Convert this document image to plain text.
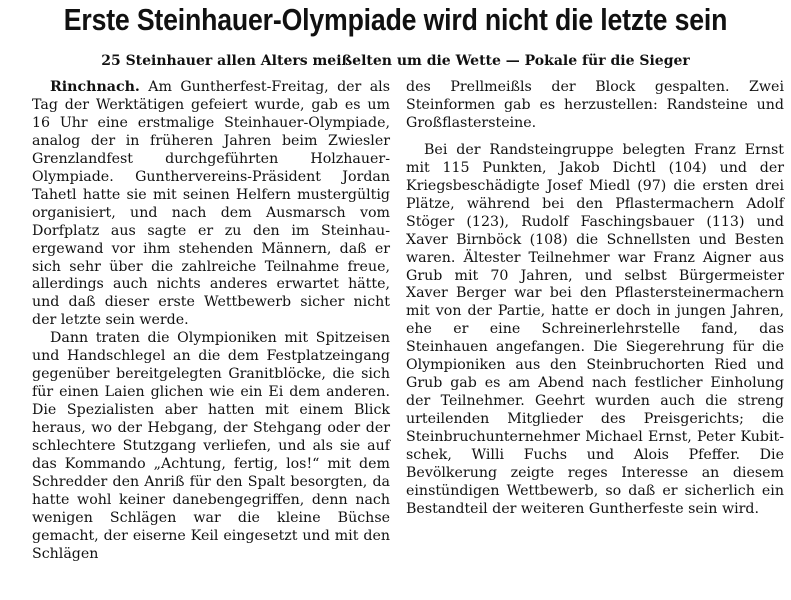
Erste Steinhauer-Olympiade wird nicht die letzte sein
25 Steinhauer allen Alters meißelten um die Wette — Pokale für die Sieger

Rinchnach. Am Guntherfest-Freitag, der als Tag der Werktätigen gefeiert wurde, gab es um 16 Uhr eine erstmalige Steinhauer-Olympiade, analog der in früheren Jahren beim Zwiesler Grenzlandfest durchgeführten Holzhauer-Olympiade. Gunthervereins-Präsident Jordan Tahetl hatte sie mit seinen Helfern mustergültig organisiert, und nach dem Ausmarsch vom Dorfplatz aus sagte er zu den im Steinhauergewand vor ihm stehenden Männern, daß er sich sehr über die zahlreiche Teilnahme freue, allerdings auch nichts anderes erwartet hätte, und daß dieser erste Wettbewerb sicher nicht der letzte sein werde.

Dann traten die Olympioniken mit Spitzeisen und Handschlegel an die dem Festplatzeingang gegenüber bereitgelegten Granitblöcke, die sich für einen Laien glichen wie ein Ei dem anderen. Die Spezialisten aber hatten mit einem Blick heraus, wo der Hebgang, der Stehgang oder der schlechtere Stutzgang verliefen, und als sie auf das Kommando „Achtung, fertig, los!“ mit dem Schredder den Anriß für den Spalt besorgten, da hatte wohl keiner danebengegriffen, denn nach wenigen Schlägen war die kleine Büchse gemacht, der eiserne Keil eingesetzt und mit den Schlägen

des Prellmeißls der Block gespalten. Zwei Steinformen gab es herzustellen: Randsteine und Großflastersteine.

Bei der Randsteingruppe belegten Franz Ernst mit 115 Punkten, Jakob Dichtl (104) und der Kriegsbeschädigte Josef Miedl (97) die ersten drei Plätze, während bei den Pflastermachern Adolf Stöger (123), Rudolf Faschingsbauer (113) und Xaver Birnböck (108) die Schnellsten und Besten waren. Ältester Teilnehmer war Franz Aigner aus Grub mit 70 Jahren, und selbst Bürgermeister Xaver Berger war bei den Pflastersteinermachern mit von der Partie, hatte er doch in jungen Jahren, ehe er eine Schreinerlehrstelle fand, das Steinhauen angefangen. Die Siegerehrung für die Olympioniken aus den Steinbruchorten Ried und Grub gab es am Abend nach festlicher Einholung der Teilnehmer. Geehrt wurden auch die streng urteilenden Mitglieder des Preisgerichts; die Steinbruchunternehmer Michael Ernst, Peter Kubitschek, Willi Fuchs und Alois Pfeffer. Die Bevölkerung zeigte reges Interesse an diesem einstündigen Wettbewerb, so daß er sicherlich ein Bestandteil der weiteren Guntherfeste sein wird.
